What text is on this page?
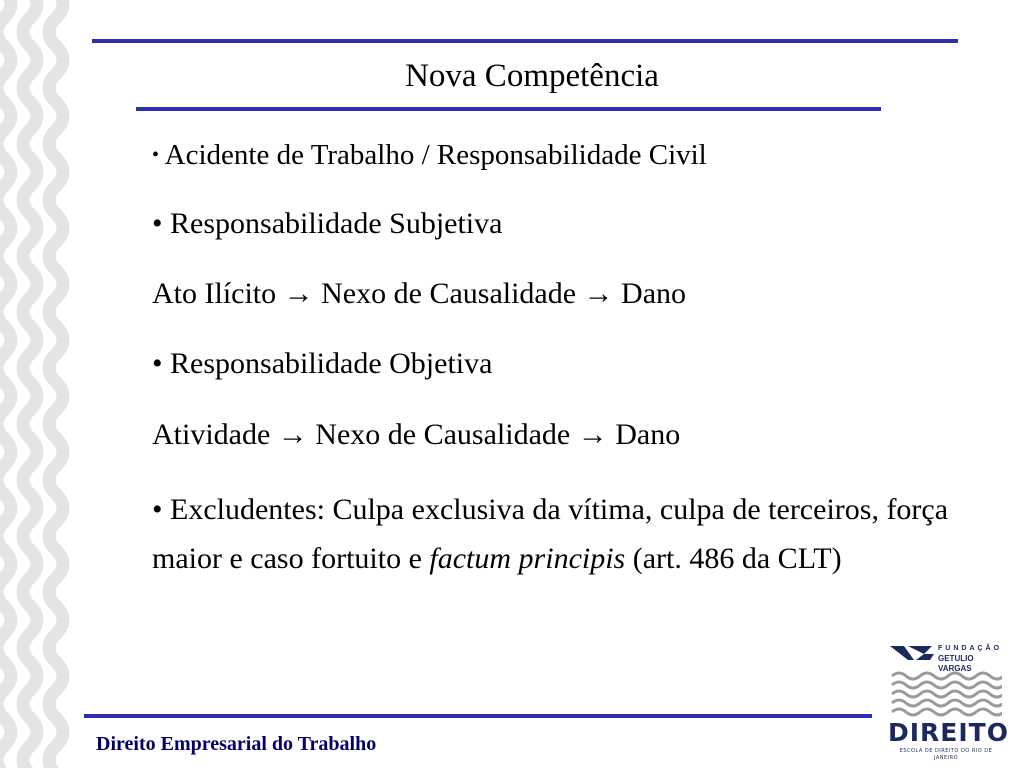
Nova Competência

• Acidente de Trabalho / Responsabilidade Civil

• Responsabilidade Subjetiva

Ato Ilícito → Nexo de Causalidade → Dano

• Responsabilidade Objetiva

Atividade → Nexo de Causalidade → Dano

• Excludentes: Culpa exclusiva da vítima, culpa de terceiros, força maior e caso fortuito e factum principis (art. 486 da CLT)

Direito Empresarial do Trabalho
FUNDAÇÃO
GETULIO VARGAS
DIREITO
ESCOLA DE DIREITO DO RIO DE JANEIRO
